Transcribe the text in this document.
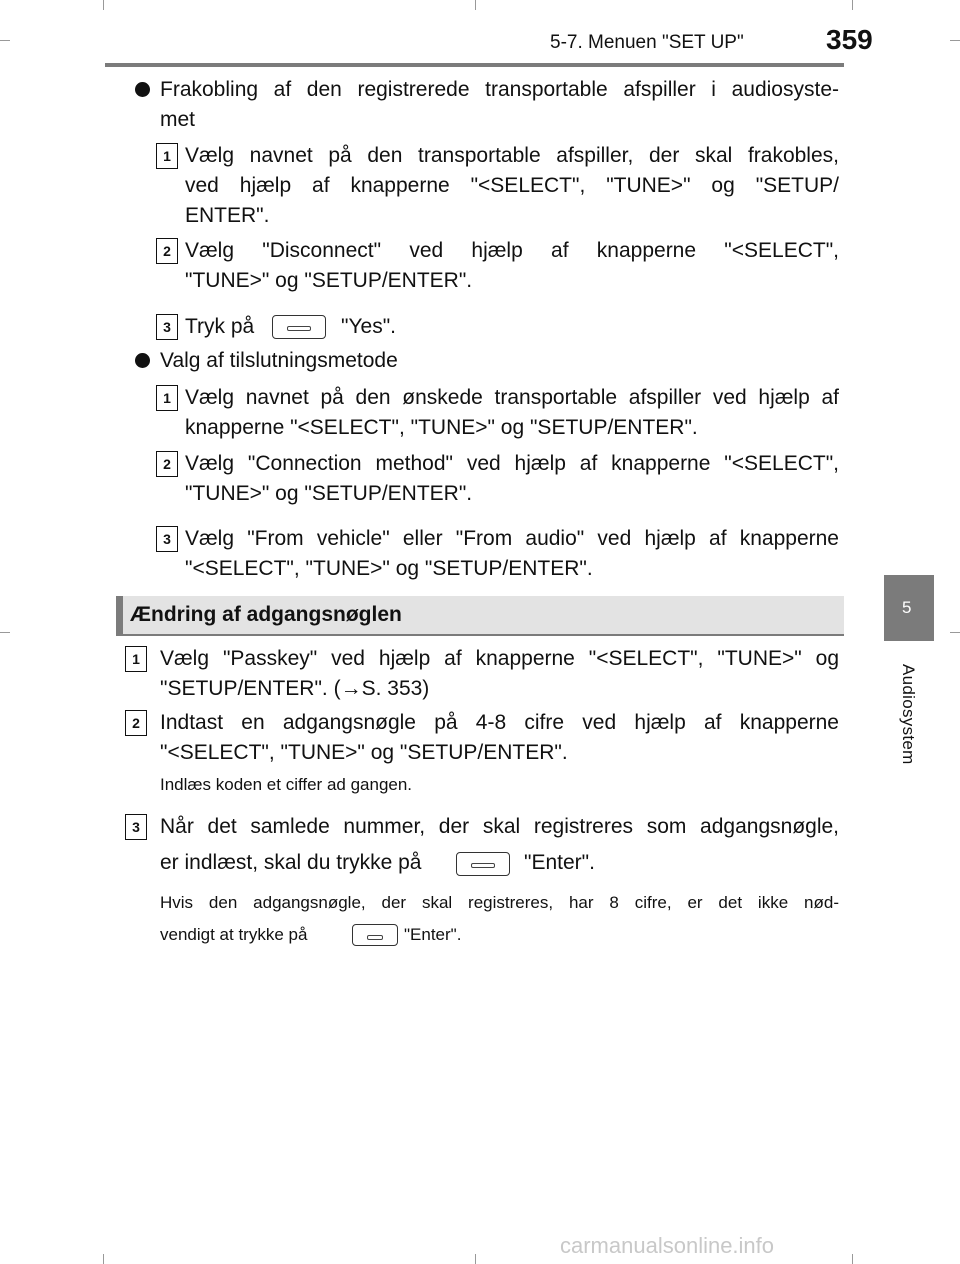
5-7. Menuen "SET UP"	359
5
Audiosystem
Frakobling af den registrerede transportable afspiller i audiosyste-
met
1 Vælg navnet på den transportable afspiller, der skal frakobles,
ved hjælp af knapperne "<SELECT", "TUNE>" og "SETUP/
ENTER".
2 Vælg "Disconnect" ved hjælp af knapperne "<SELECT",
"TUNE>" og "SETUP/ENTER".
3 Tryk på	"Yes".
Valg af tilslutningsmetode
1 Vælg navnet på den ønskede transportable afspiller ved hjælp af
knapperne "<SELECT", "TUNE>" og "SETUP/ENTER".
2 Vælg "Connection method" ved hjælp af knapperne "<SELECT",
"TUNE>" og "SETUP/ENTER".
3 Vælg "From vehicle" eller "From audio" ved hjælp af knapperne
"<SELECT", "TUNE>" og "SETUP/ENTER".
Ændring af adgangsnøglen
1 Vælg "Passkey" ved hjælp af knapperne "<SELECT", "TUNE>" og
"SETUP/ENTER". (→S. 353)
2 Indtast en adgangsnøgle på 4-8 cifre ved hjælp af knapperne
"<SELECT", "TUNE>" og "SETUP/ENTER".
Indlæs koden et ciffer ad gangen.
3 Når det samlede nummer, der skal registreres som adgangsnøgle,
er indlæst, skal du trykke på	"Enter".
Hvis den adgangsnøgle, der skal registreres, har 8 cifre, er det ikke nød-
vendigt at trykke på	"Enter".
carmanualsonline.info
